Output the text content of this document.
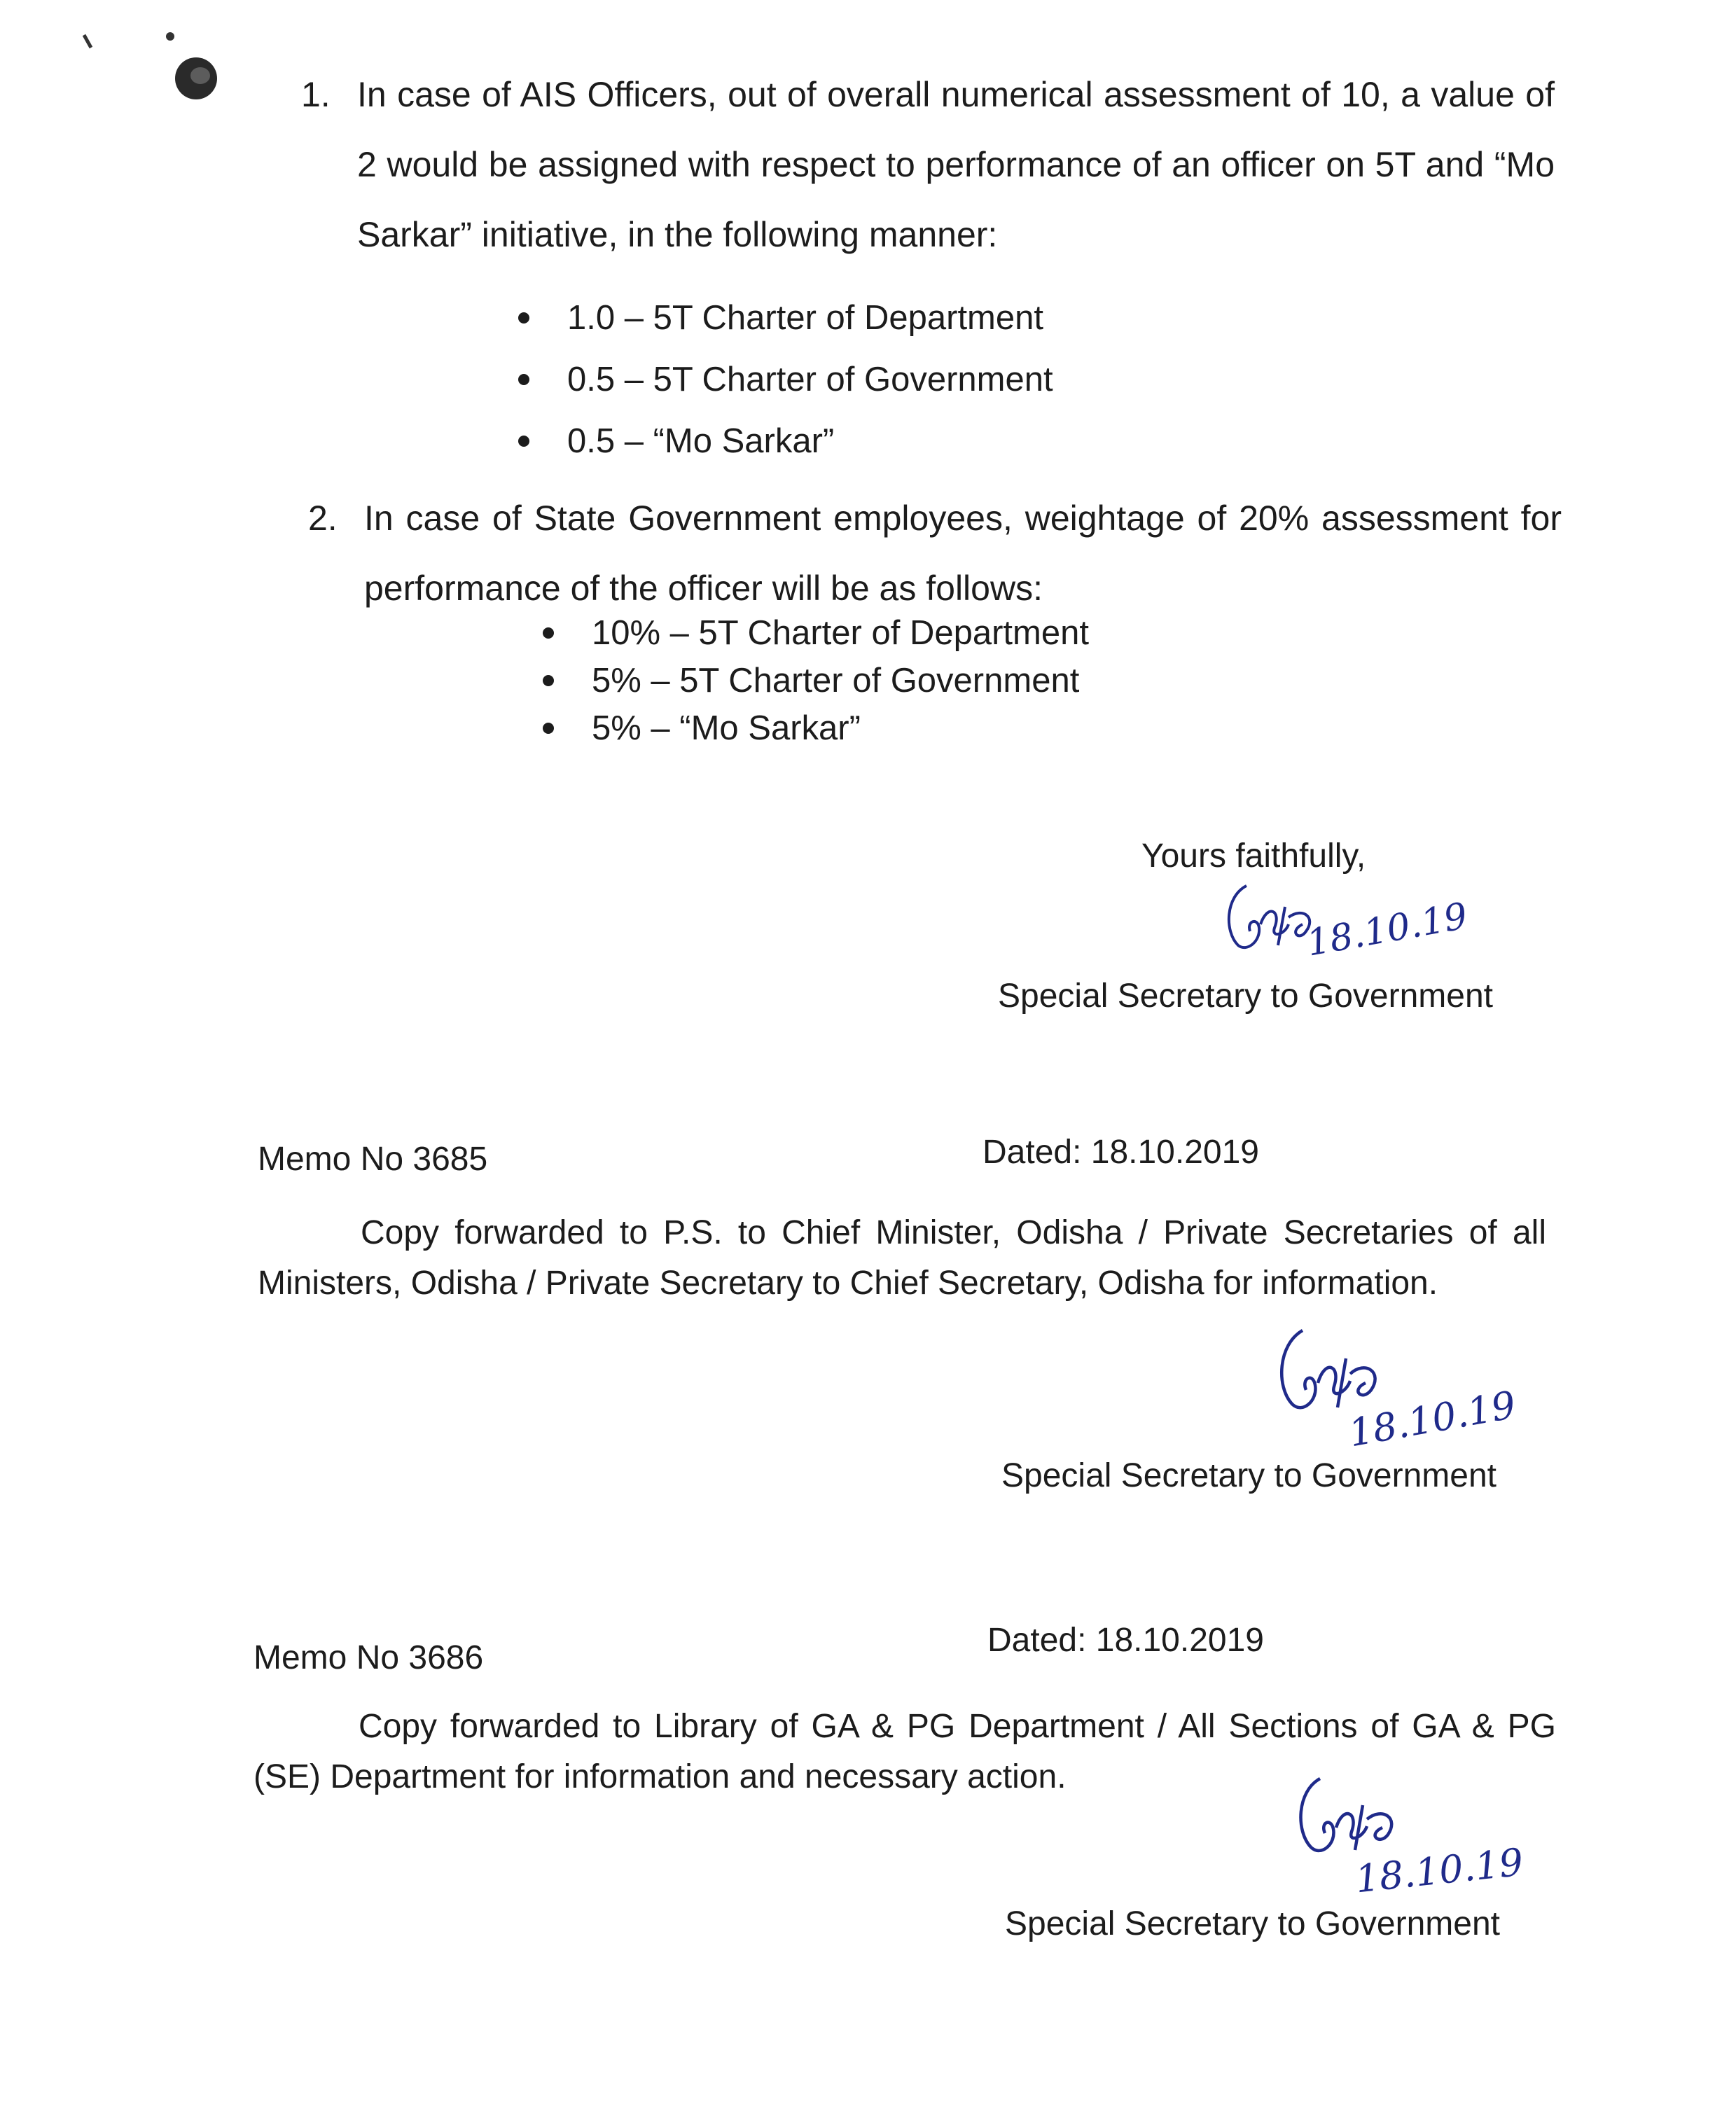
1. In case of AIS Officers, out of overall numerical assessment of 10, a value of 2 would be assigned with respect to performance of an officer on 5T and “Mo Sarkar” initiative, in the following manner:
1.0 – 5T Charter of Department
0.5 – 5T Charter of Government
0.5 – “Mo Sarkar”
2. In case of State Government employees, weightage of 20% assessment for performance of the officer will be as follows:
10% – 5T Charter of Department
5% – 5T Charter of Government
5% – “Mo Sarkar”
Yours faithfully,
18.10.19
Special Secretary to Government
Memo No 3685	Dated: 18.10.2019
Copy forwarded to P.S. to Chief Minister, Odisha / Private Secretaries of all Ministers, Odisha / Private Secretary to Chief Secretary, Odisha for information.
18.10.19
Special Secretary to Government
Memo No 3686	Dated: 18.10.2019
Copy forwarded to Library of GA & PG Department / All Sections of GA & PG (SE) Department for information and necessary action.
18.10.19
Special Secretary to Government
